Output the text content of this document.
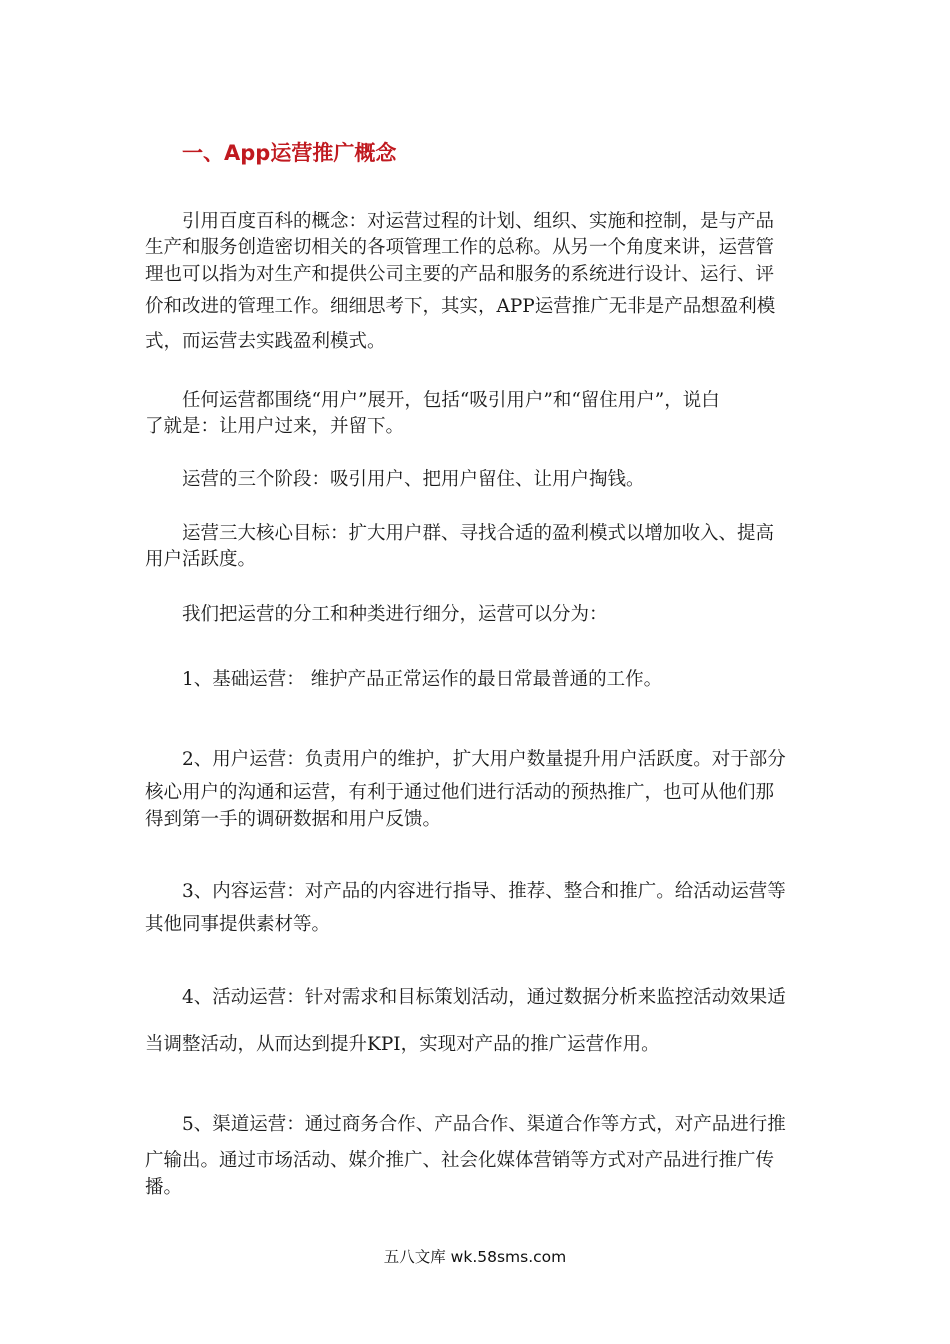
一、App运营推广概念
引用百度百科的概念：对运营过程的计划、组织、实施和控制，是与产品
生产和服务创造密切相关的各项管理工作的总称。从另一个角度来讲，运营管
理也可以指为对生产和提供公司主要的产品和服务的系统进行设计、运行、评
价和改进的管理工作。细细思考下，其实，APP运营推广无非是产品想盈利模
式，而运营去实践盈利模式。
任何运营都围绕“用户”展开，包括“吸引用户”和“留住用户”，说白
了就是：让用户过来，并留下。
运营的三个阶段：吸引用户、把用户留住、让用户掏钱。
运营三大核心目标：扩大用户群、寻找合适的盈利模式以增加收入、提高
用户活跃度。
我们把运营的分工和种类进行细分，运营可以分为：
1、基础运营： 维护产品正常运作的最日常最普通的工作。
2、用户运营：负责用户的维护，扩大用户数量提升用户活跃度。对于部分
核心用户的沟通和运营，有利于通过他们进行活动的预热推广，也可从他们那
得到第一手的调研数据和用户反馈。
3、内容运营：对产品的内容进行指导、推荐、整合和推广。给活动运营等
其他同事提供素材等。
4、活动运营：针对需求和目标策划活动，通过数据分析来监控活动效果适
当调整活动，从而达到提升KPI，实现对产品的推广运营作用。
5、渠道运营：通过商务合作、产品合作、渠道合作等方式，对产品进行推
广输出。通过市场活动、媒介推广、社会化媒体营销等方式对产品进行推广传
播。
五八文库 wk.58sms.com
